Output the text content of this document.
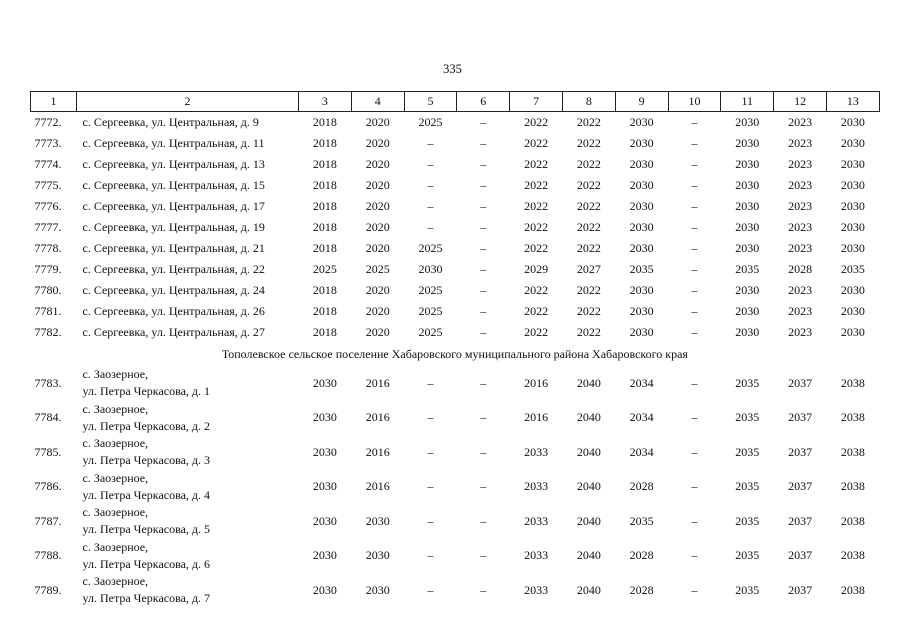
335
1	2	3	4	5	6	7	8	9	10	11	12	13
7772.	с. Сергеевка, ул. Центральная, д. 9	2018	2020	2025	–	2022	2022	2030	–	2030	2023	2030
7773.	с. Сергеевка, ул. Центральная, д. 11	2018	2020	–	–	2022	2022	2030	–	2030	2023	2030
7774.	с. Сергеевка, ул. Центральная, д. 13	2018	2020	–	–	2022	2022	2030	–	2030	2023	2030
7775.	с. Сергеевка, ул. Центральная, д. 15	2018	2020	–	–	2022	2022	2030	–	2030	2023	2030
7776.	с. Сергеевка, ул. Центральная, д. 17	2018	2020	–	–	2022	2022	2030	–	2030	2023	2030
7777.	с. Сергеевка, ул. Центральная, д. 19	2018	2020	–	–	2022	2022	2030	–	2030	2023	2030
7778.	с. Сергеевка, ул. Центральная, д. 21	2018	2020	2025	–	2022	2022	2030	–	2030	2023	2030
7779.	с. Сергеевка, ул. Центральная, д. 22	2025	2025	2030	–	2029	2027	2035	–	2035	2028	2035
7780.	с. Сергеевка, ул. Центральная, д. 24	2018	2020	2025	–	2022	2022	2030	–	2030	2023	2030
7781.	с. Сергеевка, ул. Центральная, д. 26	2018	2020	2025	–	2022	2022	2030	–	2030	2023	2030
7782.	с. Сергеевка, ул. Центральная, д. 27	2018	2020	2025	–	2022	2022	2030	–	2030	2023	2030
Тополевское сельское поселение Хабаровского муниципального района Хабаровского края												
7783.	с. Заозерное,
ул. Петра Черкасова, д. 1	2030	2016	–	–	2016	2040	2034	–	2035	2037	2038
7784.	с. Заозерное,
ул. Петра Черкасова, д. 2	2030	2016	–	–	2016	2040	2034	–	2035	2037	2038
7785.	с. Заозерное,
ул. Петра Черкасова, д. 3	2030	2016	–	–	2033	2040	2034	–	2035	2037	2038
7786.	с. Заозерное,
ул. Петра Черкасова, д. 4	2030	2016	–	–	2033	2040	2028	–	2035	2037	2038
7787.	с. Заозерное,
ул. Петра Черкасова, д. 5	2030	2030	–	–	2033	2040	2035	–	2035	2037	2038
7788.	с. Заозерное,
ул. Петра Черкасова, д. 6	2030	2030	–	–	2033	2040	2028	–	2035	2037	2038
7789.	с. Заозерное,
ул. Петра Черкасова, д. 7	2030	2030	–	–	2033	2040	2028	–	2035	2037	2038
